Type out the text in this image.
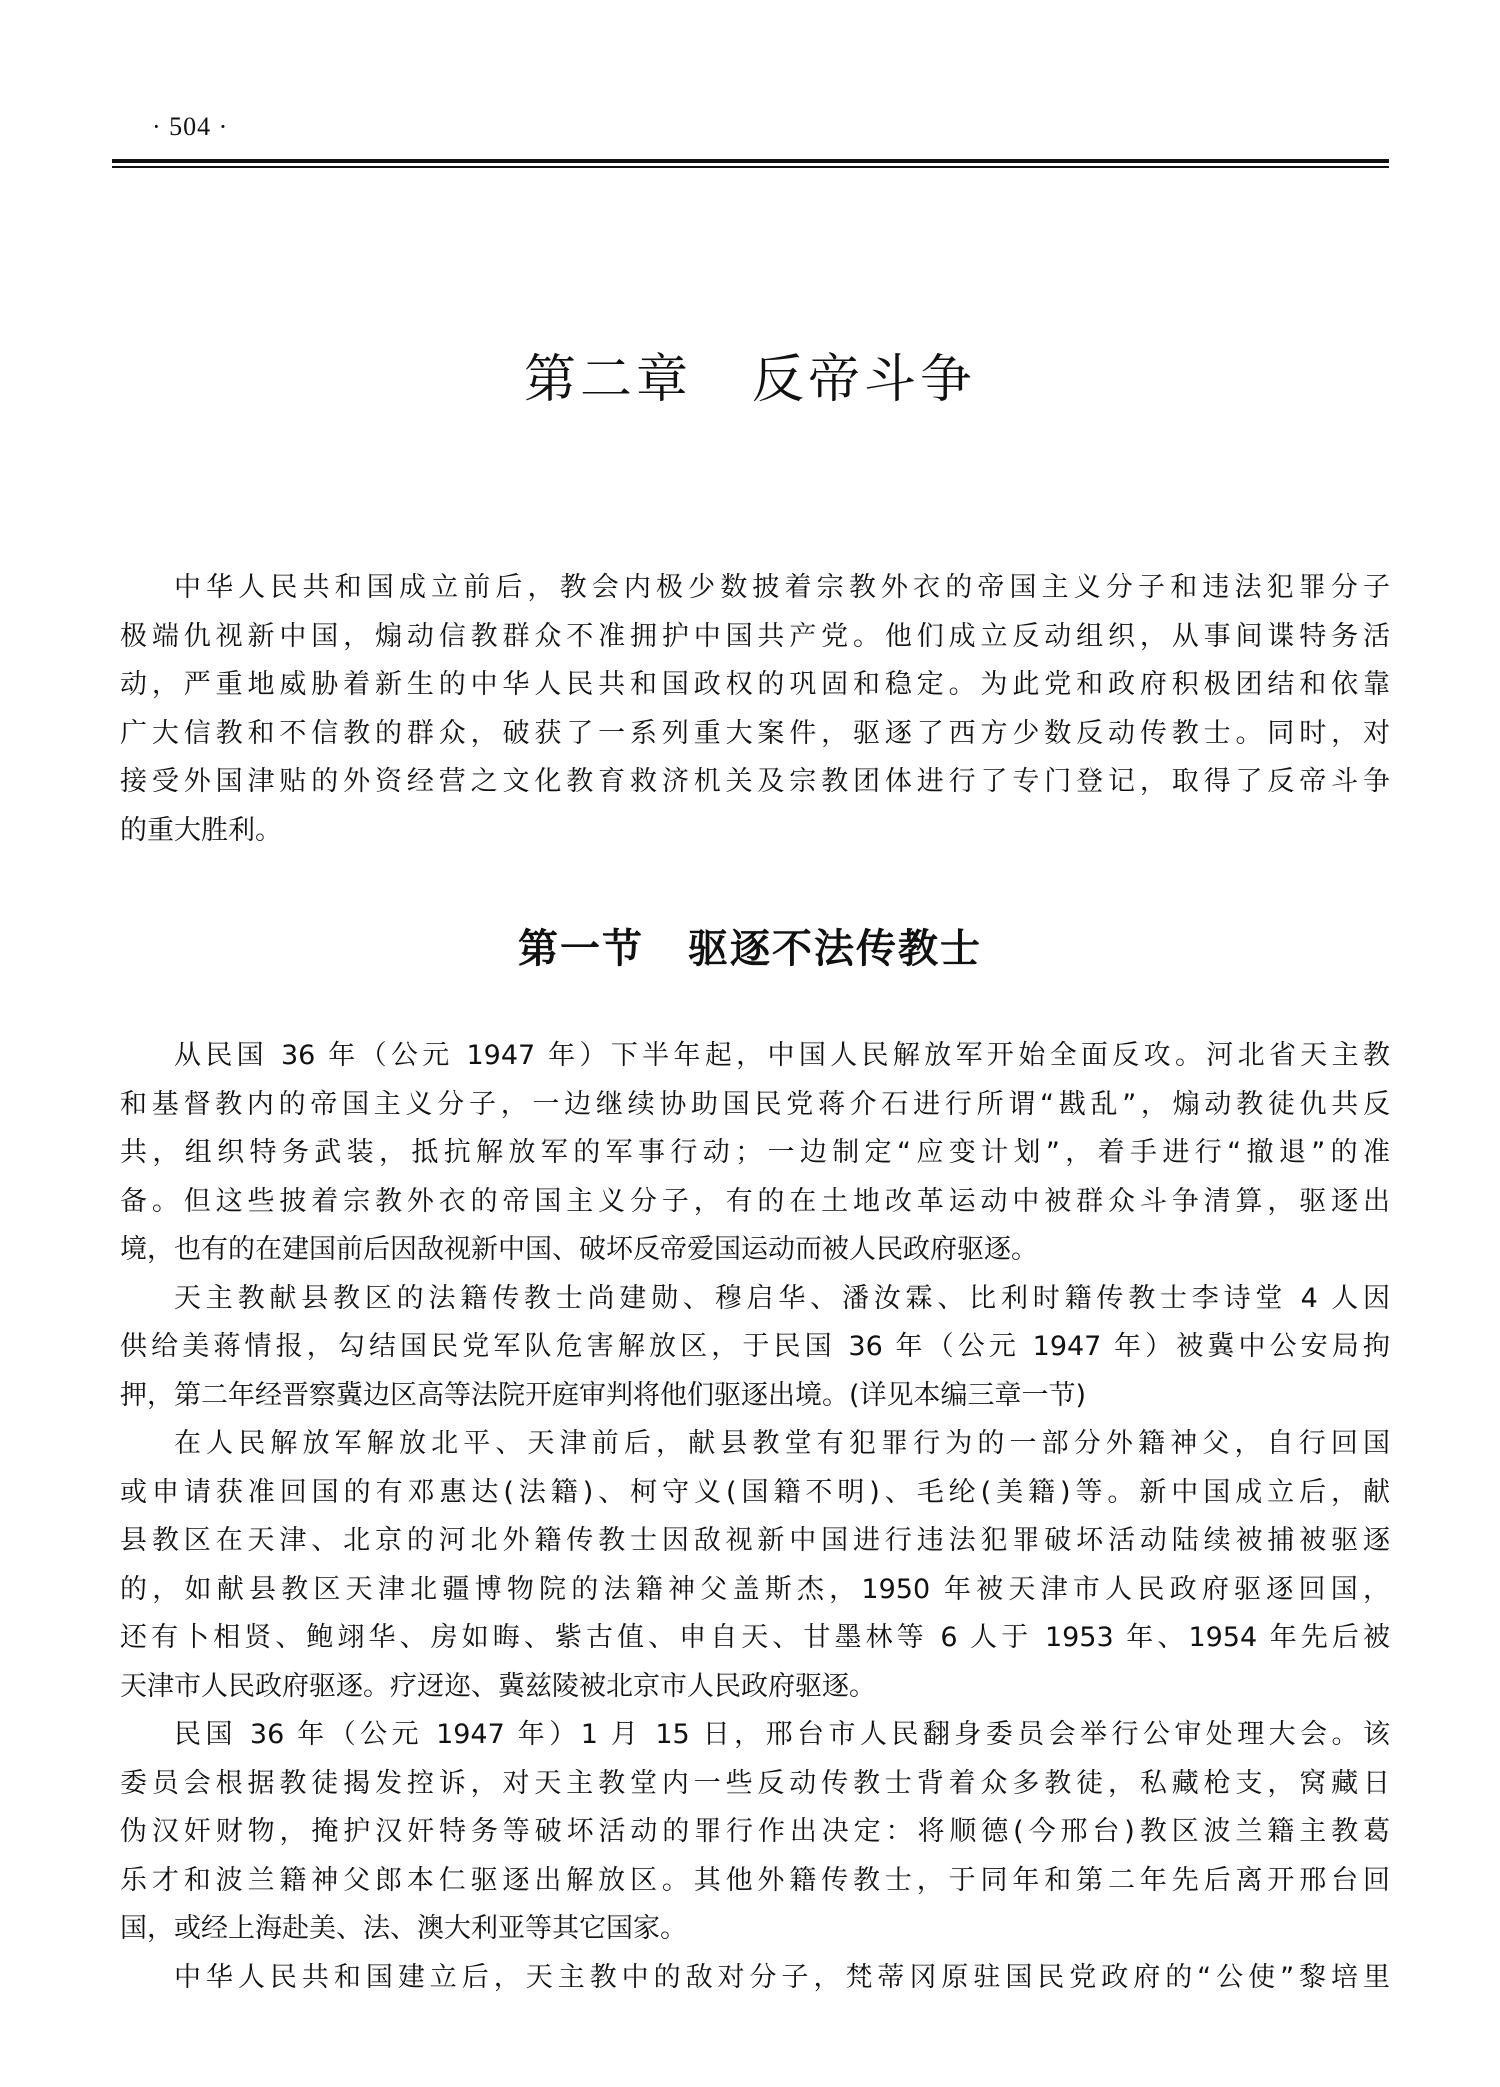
· 504 ·
第二章 反帝斗争
中华人民共和国成立前后，教会内极少数披着宗教外衣的帝国主义分子和违法犯罪分子
极端仇视新中国，煽动信教群众不准拥护中国共产党。他们成立反动组织，从事间谍特务活
动，严重地威胁着新生的中华人民共和国政权的巩固和稳定。为此党和政府积极团结和依靠
广大信教和不信教的群众，破获了一系列重大案件，驱逐了西方少数反动传教士。同时，对
接受外国津贴的外资经营之文化教育救济机关及宗教团体进行了专门登记，取得了反帝斗争
的重大胜利。
第一节 驱逐不法传教士
从民国 36 年（公元 1947 年）下半年起，中国人民解放军开始全面反攻。河北省天主教
和基督教内的帝国主义分子，一边继续协助国民党蒋介石进行所谓“戡乱”，煽动教徒仇共反
共，组织特务武装，抵抗解放军的军事行动；一边制定“应变计划”，着手进行“撤退”的准
备。但这些披着宗教外衣的帝国主义分子，有的在土地改革运动中被群众斗争清算，驱逐出
境，也有的在建国前后因敌视新中国、破坏反帝爱国运动而被人民政府驱逐。
天主教献县教区的法籍传教士尚建勋、穆启华、潘汝霖、比利时籍传教士李诗堂 4 人因
供给美蒋情报，勾结国民党军队危害解放区，于民国 36 年（公元 1947 年）被冀中公安局拘
押，第二年经晋察冀边区高等法院开庭审判将他们驱逐出境。(详见本编三章一节)
在人民解放军解放北平、天津前后，献县教堂有犯罪行为的一部分外籍神父，自行回国
或申请获准回国的有邓惠达(法籍)、柯守义(国籍不明)、毛纶(美籍)等。新中国成立后，献
县教区在天津、北京的河北外籍传教士因敌视新中国进行违法犯罪破坏活动陆续被捕被驱逐
的，如献县教区天津北疆博物院的法籍神父盖斯杰，1950 年被天津市人民政府驱逐回国，
还有卜相贤、鲍翊华、房如晦、紫古值、申自天、甘墨林等 6 人于 1953 年、1954 年先后被
天津市人民政府驱逐。疗迓迩、冀兹陵被北京市人民政府驱逐。
民国 36 年（公元 1947 年）1 月 15 日，邢台市人民翻身委员会举行公审处理大会。该
委员会根据教徒揭发控诉，对天主教堂内一些反动传教士背着众多教徒，私藏枪支，窝藏日
伪汉奸财物，掩护汉奸特务等破坏活动的罪行作出决定：将顺德(今邢台)教区波兰籍主教葛
乐才和波兰籍神父郎本仁驱逐出解放区。其他外籍传教士，于同年和第二年先后离开邢台回
国，或经上海赴美、法、澳大利亚等其它国家。
中华人民共和国建立后，天主教中的敌对分子，梵蒂冈原驻国民党政府的“公使”黎培里
